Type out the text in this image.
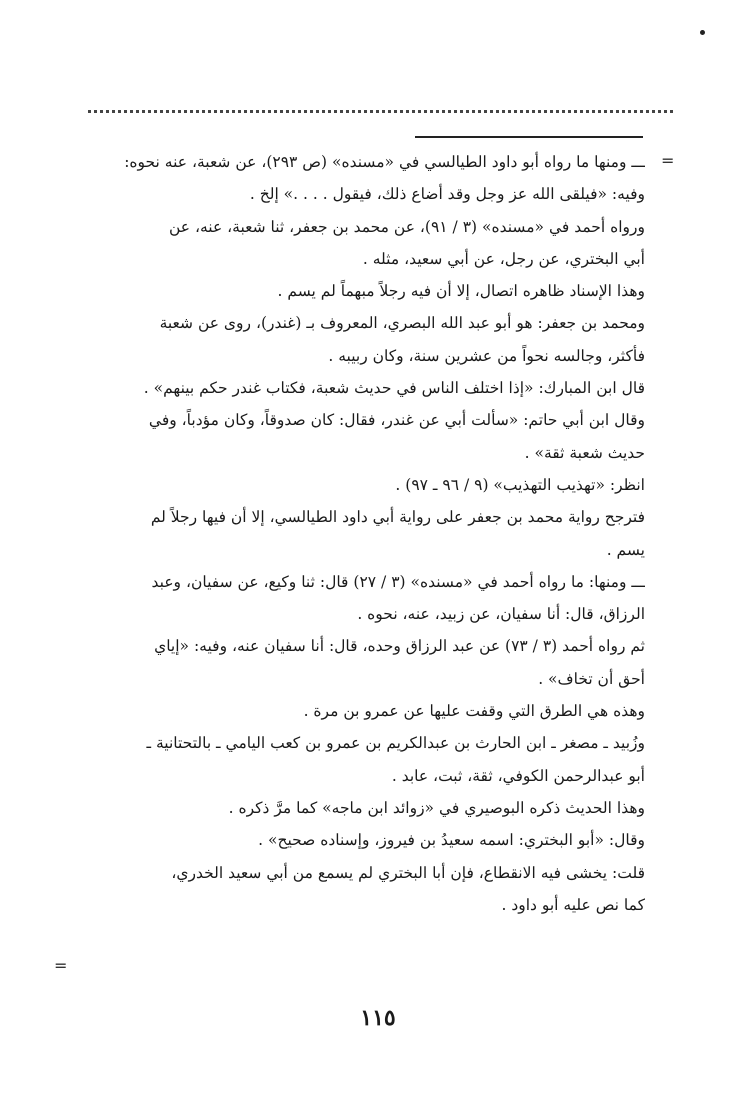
=
=
ـــ ومنها ما رواه أبو داود الطيالسي في «مسنده» (ص ٢٩٣)، عن شعبة، عنه نحوه:
وفيه: «فيلقى الله عز وجل وقد أضاع ذلك، فيقول . . . .» إلخ .
ورواه أحمد في «مسنده» (٣ / ٩١)، عن محمد بن جعفر، ثنا شعبة، عنه، عن
أبي البختري، عن رجل، عن أبي سعيد، مثله .
وهذا الإسناد ظاهره اتصال، إلا أن فيه رجلاً مبهماً لم يسم .
ومحمد بن جعفر: هو أبو عبد الله البصري، المعروف بـ (غندر)، روى عن شعبة
فأكثر، وجالسه نحواً من عشرين سنة، وكان ربيبه .
قال ابن المبارك: «إذا اختلف الناس في حديث شعبة، فكتاب غندر حكم بينهم» .
وقال ابن أبي حاتم: «سألت أبي عن غندر، فقال: كان صدوقاً، وكان مؤدباً، وفي
حديث شعبة ثقة» .
انظر: «تهذيب التهذيب» (٩ / ٩٦ ـ ٩٧) .
فترجح رواية محمد بن جعفر على رواية أبي داود الطيالسي، إلا أن فيها رجلاً لم
يسم .
ـــ ومنها: ما رواه أحمد في «مسنده» (٣ / ٢٧) قال: ثنا وكيع، عن سفيان، وعبد
الرزاق، قال: أنا سفيان، عن زبيد، عنه، نحوه .
ثم رواه أحمد (٣ / ٧٣) عن عبد الرزاق وحده، قال: أنا سفيان عنه، وفيه: «إياي
أحق أن تخاف» .
وهذه هي الطرق التي وقفت عليها عن عمرو بن مرة .
وزُبيد ـ مصغر ـ ابن الحارث بن عبدالكريم بن عمرو بن كعب اليامي ـ بالتحتانية ـ
أبو عبدالرحمن الكوفي، ثقة، ثبت، عابد .
وهذا الحديث ذكره البوصيري في «زوائد ابن ماجه» كما مرَّ ذكره .
وقال: «أبو البختري: اسمه سعيدُ بن فيروز، وإسناده صحيح» .
قلت: يخشى فيه الانقطاع، فإن أبا البختري لم يسمع من أبي سعيد الخدري،
كما نص عليه أبو داود .
١١٥
